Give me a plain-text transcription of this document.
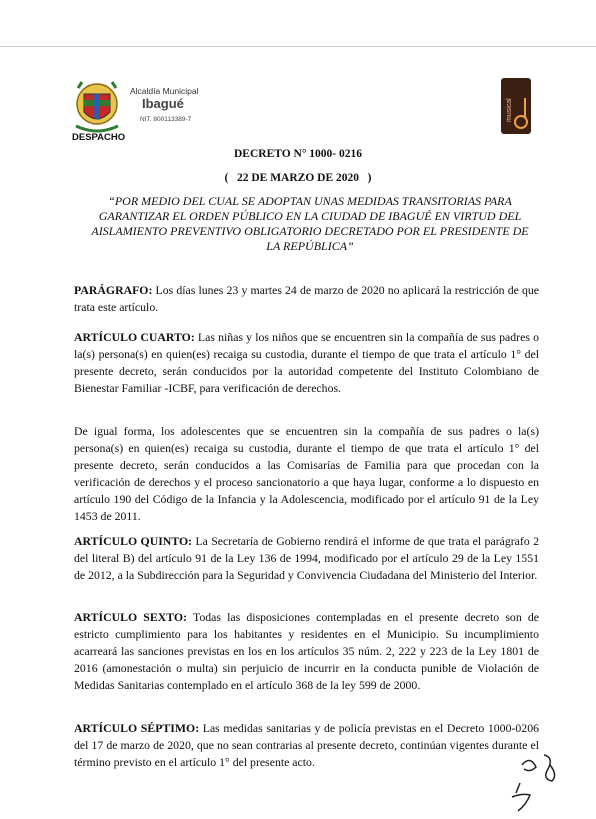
Alcaldía Municipal
Ibagué
NIT. 800113389-7
DESPACHO
musical
DECRETO N° 1000- 0216
(   22 DE MARZO DE 2020   )
“POR MEDIO DEL CUAL SE ADOPTAN UNAS MEDIDAS TRANSITORIAS PARA GARANTIZAR EL ORDEN PÚBLICO EN LA CIUDAD DE IBAGUÉ EN VIRTUD DEL AISLAMIENTO PREVENTIVO OBLIGATORIO DECRETADO POR EL PRESIDENTE DE LA REPÚBLICA”
PARÁGRAFO: Los días lunes 23 y martes 24 de marzo de 2020 no aplicará la restricción de que trata este artículo.
ARTÍCULO CUARTO: Las niñas y los niños que se encuentren sin la compañía de sus padres o la(s) persona(s) en quien(es) recaiga su custodia, durante el tiempo de que trata el artículo 1° del presente decreto, serán conducidos por la autoridad competente del Instituto Colombiano de Bienestar Familiar -ICBF, para verificación de derechos.
De igual forma, los adolescentes que se encuentren sin la compañía de sus padres o la(s) persona(s) en quien(es) recaiga su custodia, durante el tiempo de que trata el artículo 1° del presente decreto, serán conducidos a las Comisarías de Familia para que procedan con la verificación de derechos y el proceso sancionatorio a que haya lugar, conforme a lo dispuesto en artículo 190 del Código de la Infancia y la Adolescencia, modificado por el artículo 91 de la Ley 1453 de 2011.
ARTÍCULO QUINTO: La Secretaría de Gobierno rendirá el informe de que trata el parágrafo 2 del literal B) del artículo 91 de la Ley 136 de 1994, modificado por el artículo 29 de la Ley 1551 de 2012, a la Subdirección para la Seguridad y Convivencia Ciudadana del Ministerio del Interior.
ARTÍCULO SEXTO: Todas las disposiciones contempladas en el presente decreto son de estricto cumplimiento para los habitantes y residentes en el Municipio. Su incumplimiento acarreará las sanciones previstas en los en los artículos 35 núm. 2, 222 y 223 de la Ley 1801 de 2016 (amonestación o multa) sin perjuicio de incurrir en la conducta punible de Violación de Medidas Sanitarias contemplado en el artículo 368 de la ley 599 de 2000.
ARTÍCULO SÉPTIMO: Las medidas sanitarias y de policía previstas en el Decreto 1000-0206 del 17 de marzo de 2020, que no sean contrarias al presente decreto, continúan vigentes durante el término previsto en el artículo 1° del presente acto.
